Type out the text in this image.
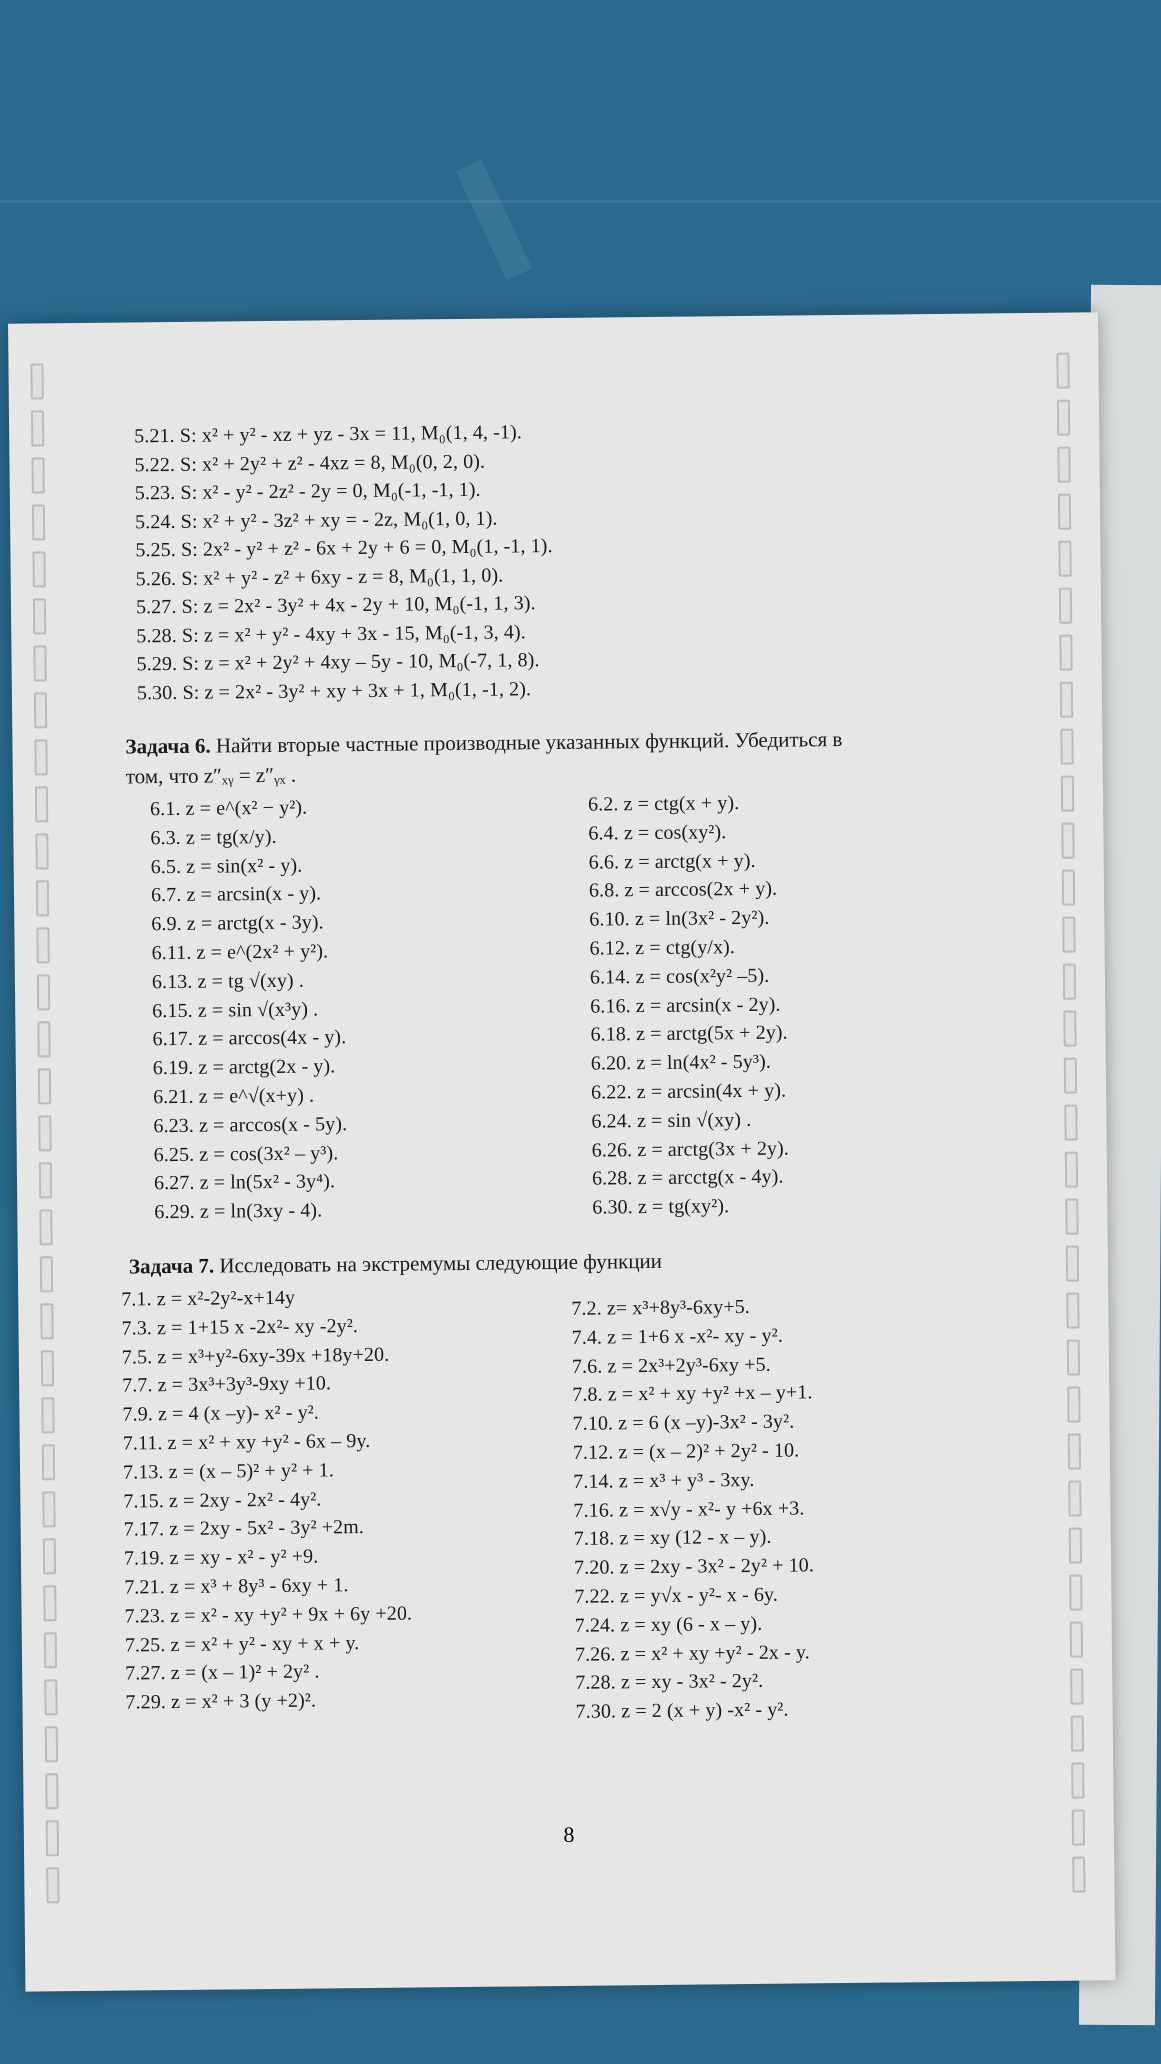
5.21. S: x² + y² - xz + yz - 3x = 11, M₀(1, 4, -1).
5.22. S: x² + 2y² + z² - 4xz = 8, M₀(0, 2, 0).
5.23. S: x² - y² - 2z² - 2y = 0, M₀(-1, -1, 1).
5.24. S: x² + y² - 3z² + xy = - 2z, M₀(1, 0, 1).
5.25. S: 2x² - y² + z² - 6x + 2y + 6 = 0, M₀(1, -1, 1).
5.26. S: x² + y² - z² + 6xy - z = 8, M₀(1, 1, 0).
5.27. S: z = 2x² - 3y² + 4x - 2y + 10, M₀(-1, 1, 3).
5.28. S: z = x² + y² - 4xy + 3x - 15, M₀(-1, 3, 4).
5.29. S: z = x² + 2y² + 4xy – 5y - 10, M₀(-7, 1, 8).
5.30. S: z = 2x² - 3y² + xy + 3x + 1, M₀(1, -1, 2).
Задача 6. Найти вторые частные производные указанных функций. Убедиться в
том, что z″ₓᵧ = z″ᵧₓ .
6.1. z = e^(x² − y²).
6.3. z = tg(x/y).
6.5. z = sin(x² - y).
6.7. z = arcsin(x - y).
6.9. z = arctg(x - 3y).
6.11. z = e^(2x² + y²).
6.13. z = tg √(xy) .
6.15. z = sin √(x³y) .
6.17. z = arccos(4x - y).
6.19. z = arctg(2x - y).
6.21. z = e^√(x+y) .
6.23. z = arccos(x - 5y).
6.25. z = cos(3x² – y³).
6.27. z = ln(5x² - 3y⁴).
6.29. z = ln(3xy - 4).
6.2. z = ctg(x + y).
6.4. z = cos(xy²).
6.6. z = arctg(x + y).
6.8. z = arccos(2x + y).
6.10. z = ln(3x² - 2y²).
6.12. z = ctg(y/x).
6.14. z = cos(x²y² –5).
6.16. z = arcsin(x - 2y).
6.18. z = arctg(5x + 2y).
6.20. z = ln(4x² - 5y³).
6.22. z = arcsin(4x + y).
6.24. z = sin √(xy) .
6.26. z = arctg(3x + 2y).
6.28. z = arcctg(x - 4y).
6.30. z = tg(xy²).
Задача 7. Исследовать на экстремумы следующие функции
7.1. z = x²-2y²-x+14y
7.3. z = 1+15 x -2x²- xy -2y².
7.5. z = x³+y²-6xy-39x +18y+20.
7.7. z = 3x³+3y³-9xy +10.
7.9. z = 4 (x –y)- x² - y².
7.11. z = x² + xy +y² - 6x – 9y.
7.13. z = (x – 5)² + y² + 1.
7.15. z = 2xy - 2x² - 4y².
7.17. z = 2xy - 5x² - 3y² +2m.
7.19. z = xy - x² - y² +9.
7.21. z = x³ + 8y³ - 6xy + 1.
7.23. z = x² - xy +y² + 9x + 6y +20.
7.25. z = x² + y² - xy + x + y.
7.27. z = (x – 1)² + 2y² .
7.29. z = x² + 3 (y +2)².
7.2. z= x³+8y³-6xy+5.
7.4. z = 1+6 x -x²- xy - y².
7.6. z = 2x³+2y³-6xy +5.
7.8. z = x² + xy +y² +x – y+1.
7.10. z = 6 (x –y)-3x² - 3y².
7.12. z = (x – 2)² + 2y² - 10.
7.14. z = x³ + y³ - 3xy.
7.16. z = x√y - x²- y +6x +3.
7.18. z = xy (12 - x – y).
7.20. z = 2xy - 3x² - 2y² + 10.
7.22. z = y√x - y²- x - 6y.
7.24. z = xy (6 - x – y).
7.26. z = x² + xy +y² - 2x - y.
7.28. z = xy - 3x² - 2y².
7.30. z = 2 (x + y) -x² - y².
8
